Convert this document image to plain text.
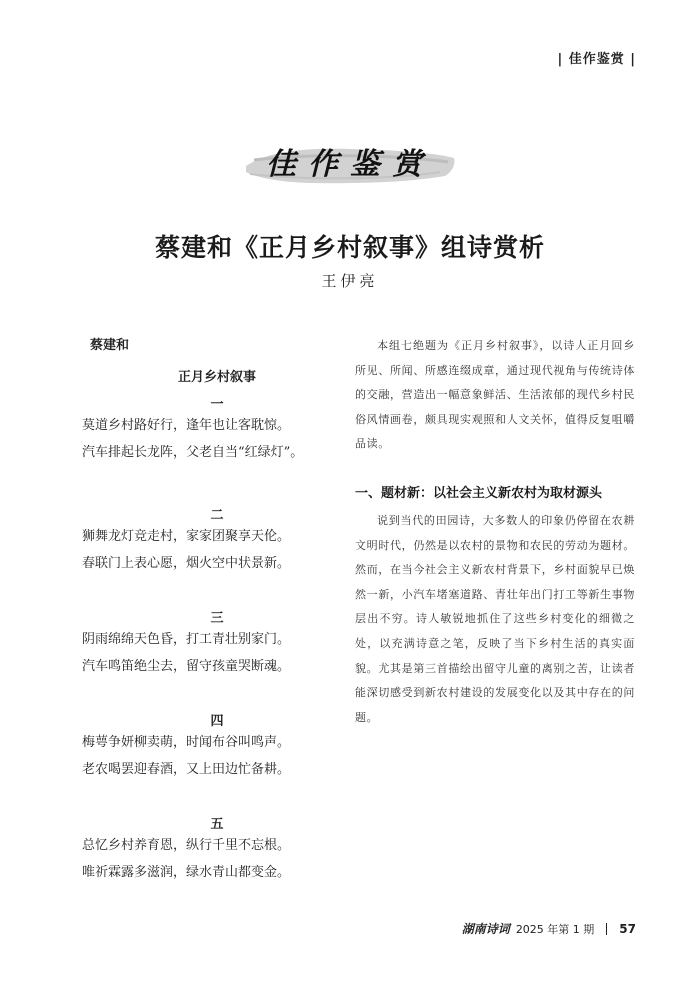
| 佳作鉴赏 |
佳作鉴赏
蔡建和《正月乡村叙事》组诗赏析
王伊亮
蔡建和
正月乡村叙事
一
莫道乡村路好行，逢年也让客耽惊。
汽车排起长龙阵，父老自当“红绿灯”。
二
狮舞龙灯竞走村，家家团聚享天伦。
春联门上表心愿，烟火空中状景新。
三
阴雨绵绵天色昏，打工青壮别家门。
汽车鸣笛绝尘去，留守孩童哭断魂。
四
梅萼争妍柳卖萌，时闻布谷叫鸣声。
老农喝罢迎春酒，又上田边忙备耕。
五
总忆乡村养育恩，纵行千里不忘根。
唯祈霖露多滋润，绿水青山都变金。

本组七绝题为《正月乡村叙事》，以诗人正月回乡所见、所闻、所感连缀成章，通过现代视角与传统诗体的交融，营造出一幅意象鲜活、生活浓郁的现代乡村民俗风情画卷，颇具现实观照和人文关怀，值得反复咀嚼品读。

一、题材新：以社会主义新农村为取材源头

说到当代的田园诗，大多数人的印象仍停留在农耕文明时代，仍然是以农村的景物和农民的劳动为题材。然而，在当今社会主义新农村背景下，乡村面貌早已焕然一新，小汽车堵塞道路、青壮年出门打工等新生事物层出不穷。诗人敏锐地抓住了这些乡村变化的细微之处，以充满诗意之笔，反映了当下乡村生活的真实面貌。尤其是第三首描绘出留守儿童的离别之苦，让读者能深切感受到新农村建设的发展变化以及其中存在的问题。

湖南诗词 2025 年第 1 期 57
